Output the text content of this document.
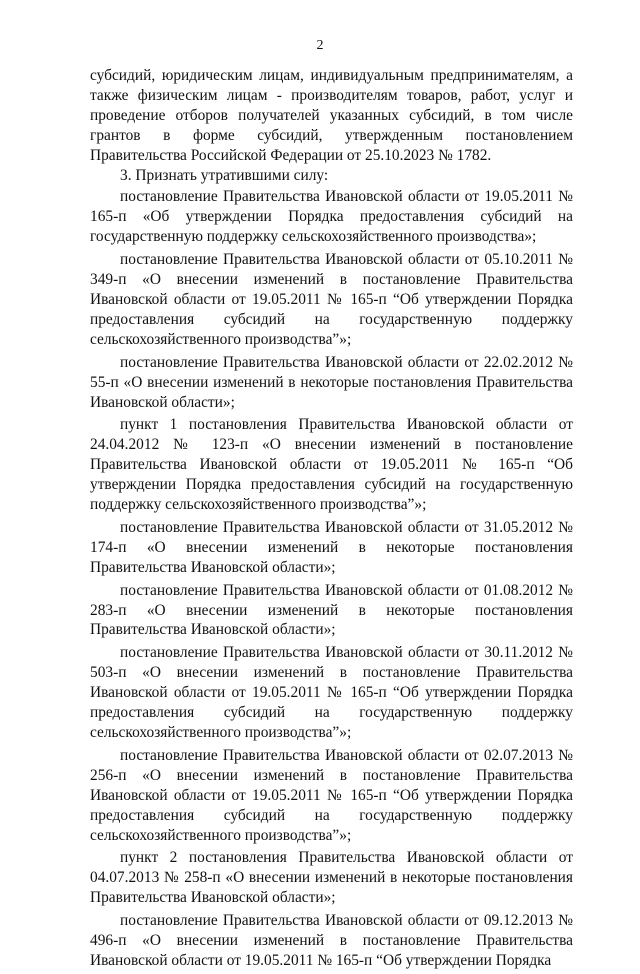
2

субсидий, юридическим лицам, индивидуальным предпринимателям, а также физическим лицам - производителям товаров, работ, услуг и проведение отборов получателей указанных субсидий, в том числе грантов в форме субсидий, утвержденным постановлением Правительства Российской Федерации от 25.10.2023 № 1782.

3. Признать утратившими силу:

постановление Правительства Ивановской области от 19.05.2011 № 165-п «Об утверждении Порядка предоставления субсидий на государственную поддержку сельскохозяйственного производства»;

постановление Правительства Ивановской области от 05.10.2011 № 349-п «О внесении изменений в постановление Правительства Ивановской области от 19.05.2011 № 165-п “Об утверждении Порядка предоставления субсидий на государственную поддержку сельскохозяйственного производства”»;

постановление Правительства Ивановской области от 22.02.2012 № 55-п «О внесении изменений в некоторые постановления Правительства Ивановской области»;

пункт 1 постановления Правительства Ивановской области от 24.04.2012 № 123-п «О внесении изменений в постановление Правительства Ивановской области от 19.05.2011 № 165-п “Об утверждении Порядка предоставления субсидий на государственную поддержку сельскохозяйственного производства”»;

постановление Правительства Ивановской области от 31.05.2012 № 174-п «О внесении изменений в некоторые постановления Правительства Ивановской области»;

постановление Правительства Ивановской области от 01.08.2012 № 283-п «О внесении изменений в некоторые постановления Правительства Ивановской области»;

постановление Правительства Ивановской области от 30.11.2012 № 503-п «О внесении изменений в постановление Правительства Ивановской области от 19.05.2011 № 165-п “Об утверждении Порядка предоставления субсидий на государственную поддержку сельскохозяйственного производства”»;

постановление Правительства Ивановской области от 02.07.2013 № 256-п «О внесении изменений в постановление Правительства Ивановской области от 19.05.2011 № 165-п “Об утверждении Порядка предоставления субсидий на государственную поддержку сельскохозяйственного производства”»;

пункт 2 постановления Правительства Ивановской области от 04.07.2013 № 258-п «О внесении изменений в некоторые постановления Правительства Ивановской области»;

постановление Правительства Ивановской области от 09.12.2013 № 496-п «О внесении изменений в постановление Правительства Ивановской области от 19.05.2011 № 165-п “Об утверждении Порядка
